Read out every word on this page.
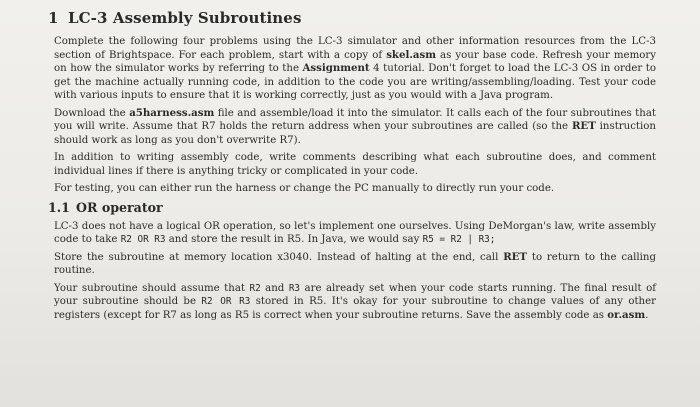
1 LC-3 Assembly Subroutines

Complete the following four problems using the LC-3 simulator and other information resources from the LC-3 section of Brightspace. For each problem, start with a copy of skel.asm as your base code. Refresh your memory on how the simulator works by referring to the Assignment 4 tutorial. Don't forget to load the LC-3 OS in order to get the machine actually running code, in addition to the code you are writing/assembling/loading. Test your code with various inputs to ensure that it is working correctly, just as you would with a Java program.

Download the a5harness.asm file and assemble/load it into the simulator. It calls each of the four subroutines that you will write. Assume that R7 holds the return address when your subroutines are called (so the RET instruction should work as long as you don't overwrite R7).

In addition to writing assembly code, write comments describing what each subroutine does, and comment individual lines if there is anything tricky or complicated in your code.

For testing, you can either run the harness or change the PC manually to directly run your code.

1.1 OR operator

LC-3 does not have a logical OR operation, so let's implement one ourselves. Using DeMorgan's law, write assembly code to take R2 OR R3 and store the result in R5. In Java, we would say R5 = R2 | R3;

Store the subroutine at memory location x3040. Instead of halting at the end, call RET to return to the calling routine.

Your subroutine should assume that R2 and R3 are already set when your code starts running. The final result of your subroutine should be R2 OR R3 stored in R5. It's okay for your subroutine to change values of any other registers (except for R7 as long as R5 is correct when your subroutine returns. Save the assembly code as or.asm.
